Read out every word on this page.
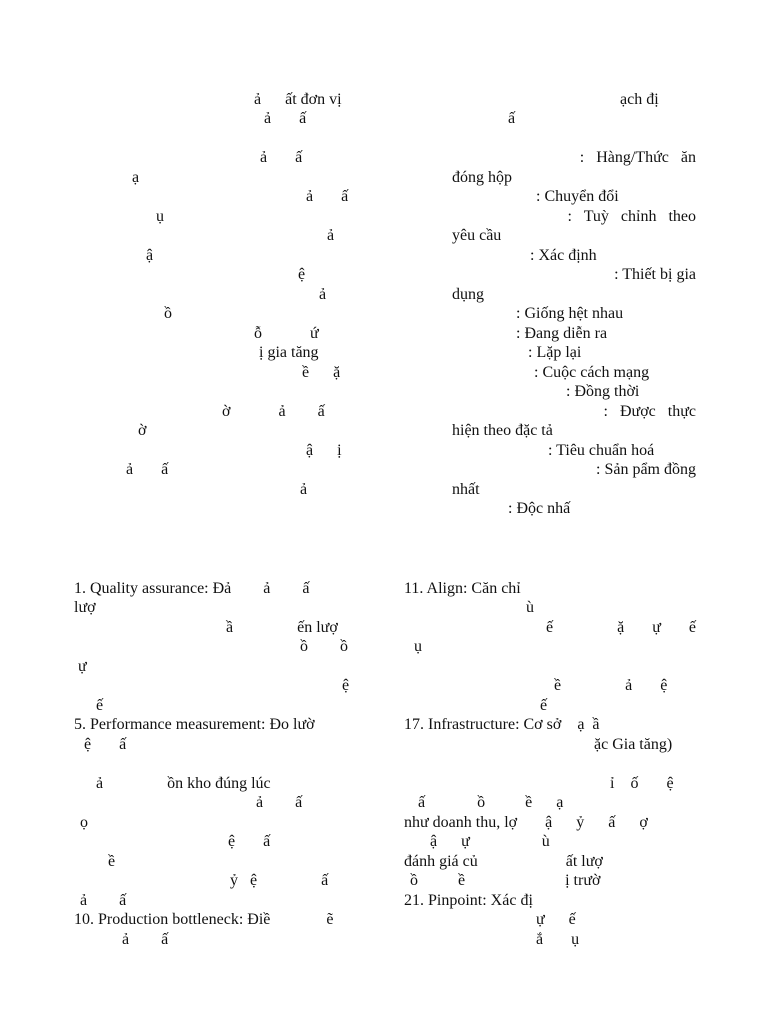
ả      ất đơn vị
ả       ấ
ả       ấ
ạ
ả       ấ
ụ
ả
ậ
ệ
ả
ồ
ỗ            ứ
ị gia tăng
ề      ặ
ờ            ả        ấ
ờ
ậ      ị
ả       ấ
ả
ạch đị
ấ
:   Hàng/Thức   ăn
đóng hộp
: Chuyển đổi
:   Tuỳ   chỉnh   theo
yêu cầu
: Xác định
: Thiết bị gia
dụng
: Giống hệt nhau
: Đang diễn ra
: Lặp lại
: Cuộc cách mạng
: Đồng thời
:   Được   thực
hiện theo đặc tả
: Tiêu chuẩn hoá
: Sản pẩm đồng
nhất
: Độc nhấ
1. Quality assurance: Đả        ả        ấ
lượ
ầ                ến lượ
ồ        ồ
ự
ệ
ế
5. Performance measurement: Đo lườ
ệ       ấ
ả                ồn kho đúng lúc
ả        ấ
ọ
ệ       ấ
ề
ỷ   ệ                ấ
ả        ấ
10. Production bottleneck: Điề              ẽ
ả        ấ
11. Align: Căn chỉ
ù
ế                ặ       ự       ế
ụ
ề                ả       ệ
ế
17. Infrastructure: Cơ sở    ạ  ầ
ặc Gia tăng)
ỉ    ố       ệ
ấ             ồ          ề      ạ
như doanh thu, lợ       ậ      ỷ      ấ      ợ
ậ      ự                  ù
đánh giá củ                      ất lượ
ồ          ề                         ị trườ
21. Pinpoint: Xác đị
ự      ế
ắ       ụ
